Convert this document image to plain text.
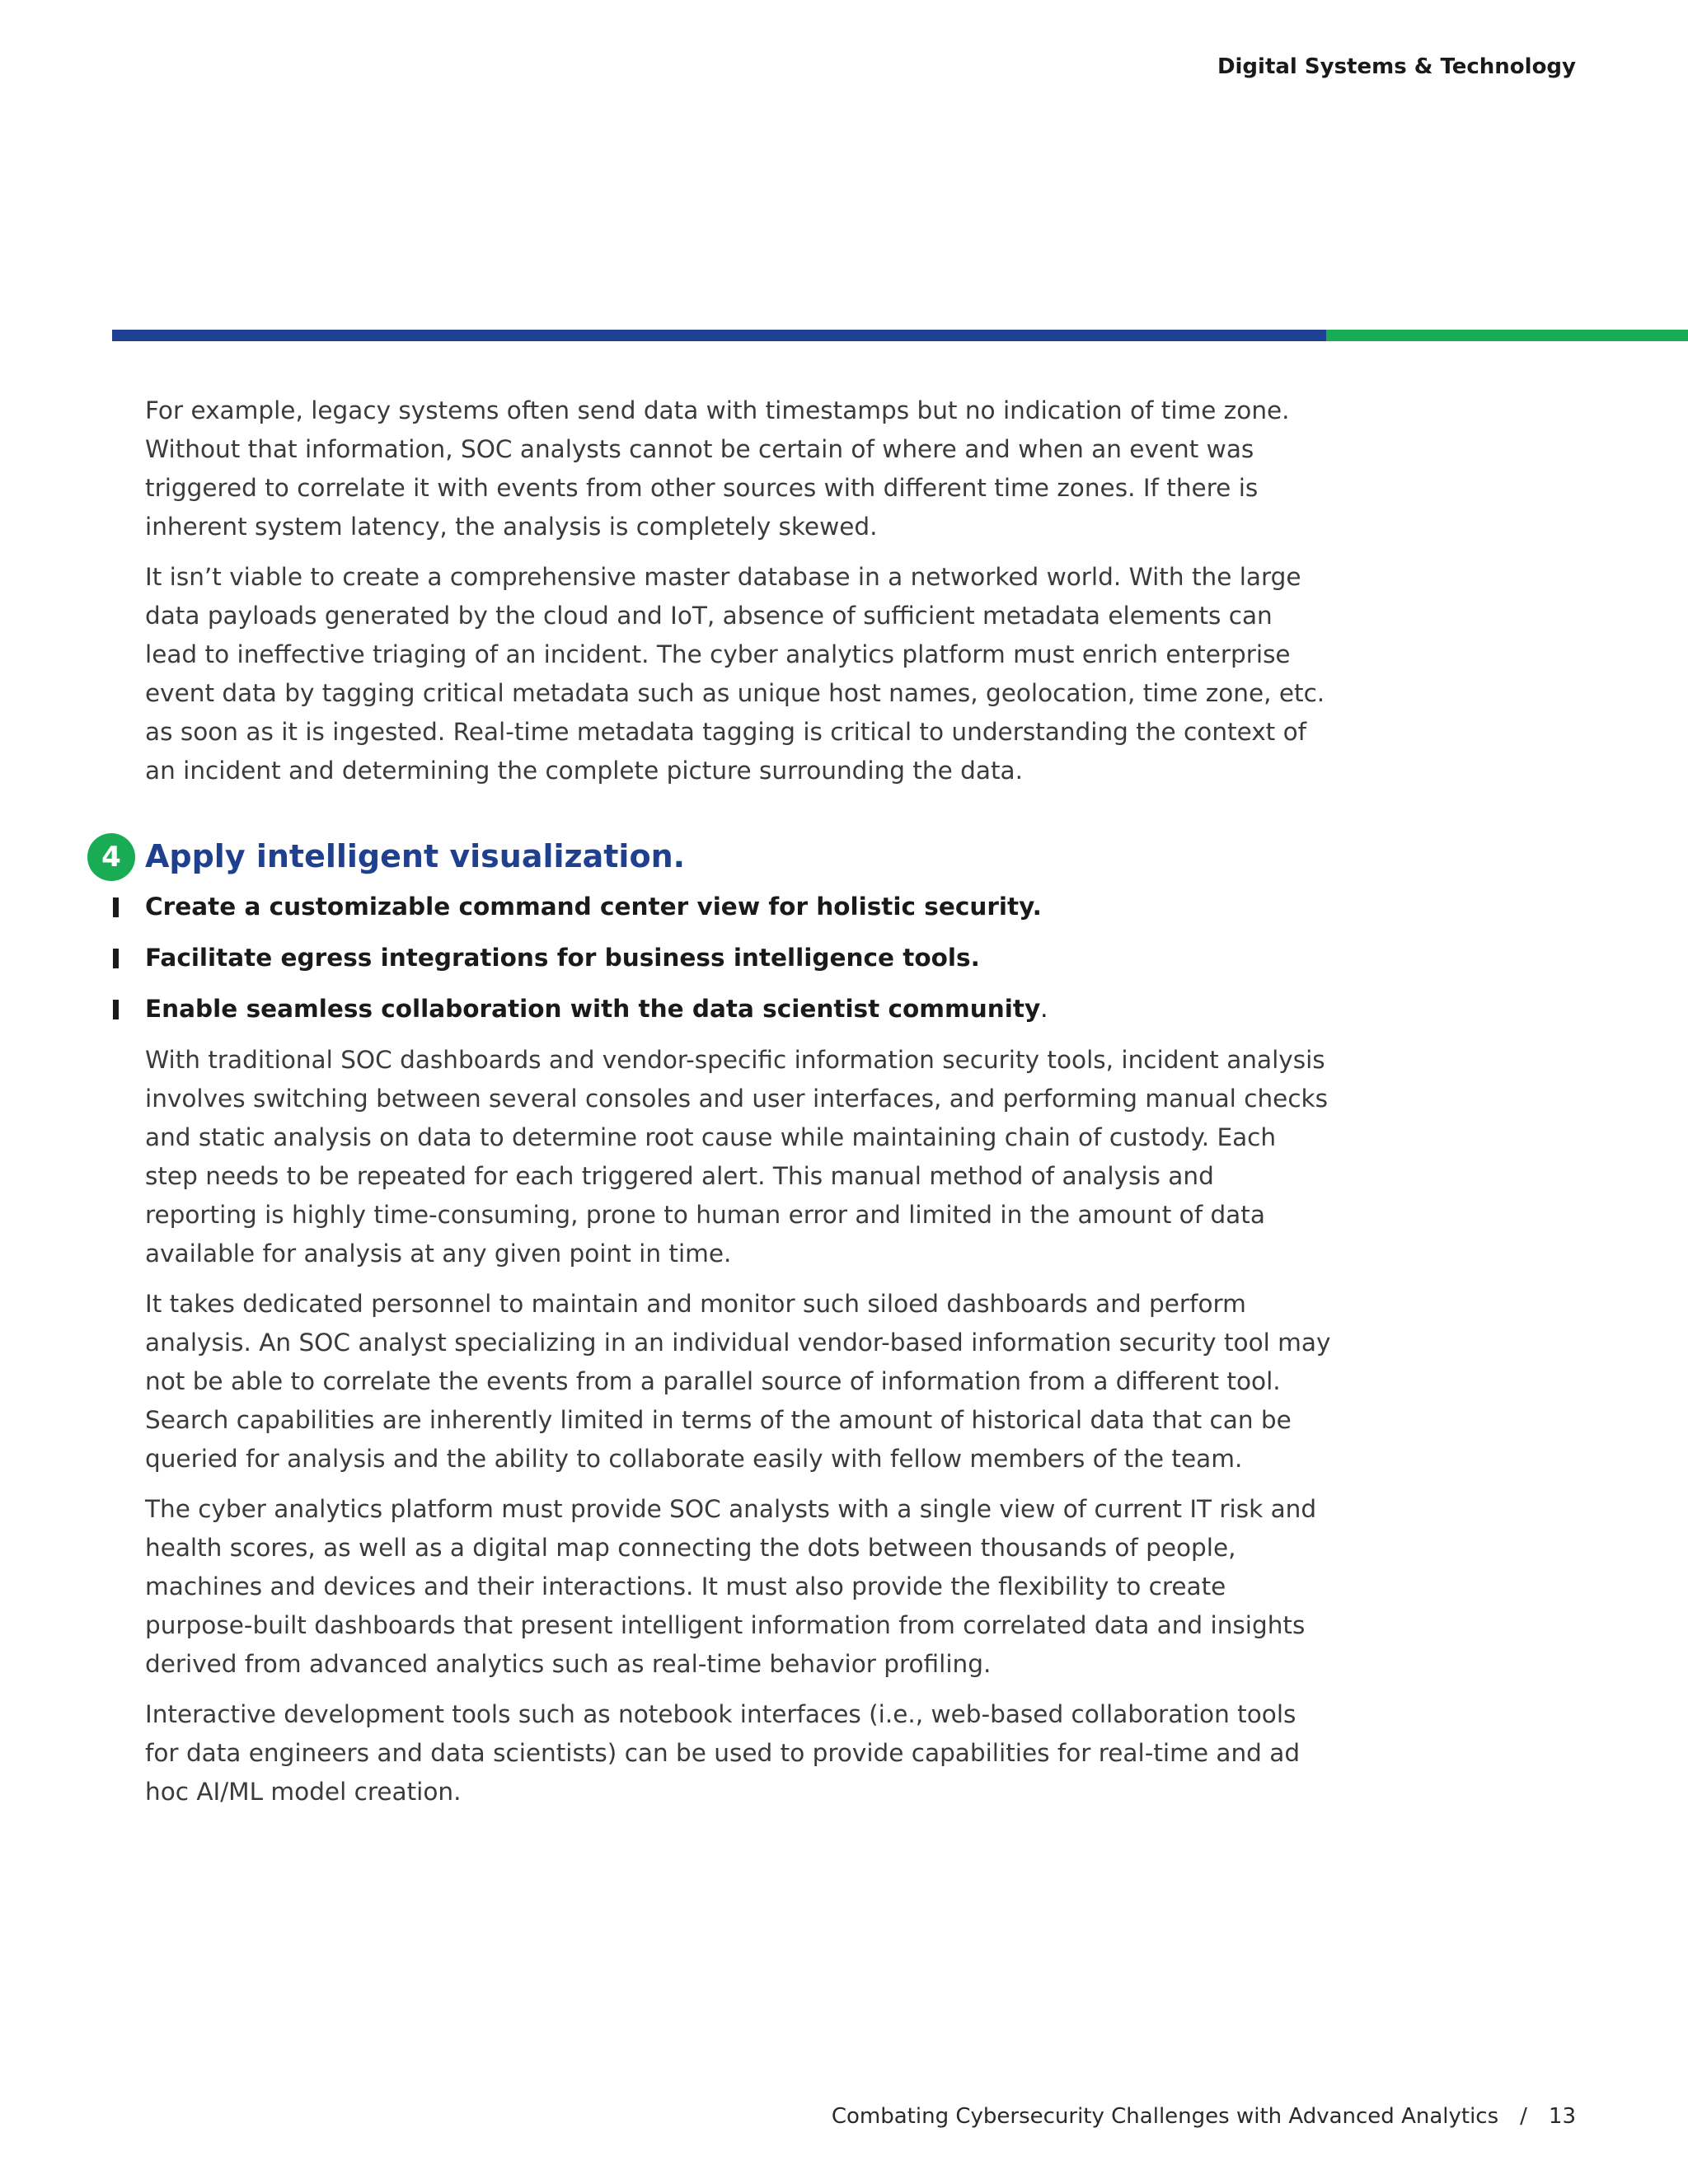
Digital Systems & Technology

For example, legacy systems often send data with timestamps but no indication of time zone. Without that information, SOC analysts cannot be certain of where and when an event was triggered to correlate it with events from other sources with different time zones. If there is inherent system latency, the analysis is completely skewed.

It isn’t viable to create a comprehensive master database in a networked world. With the large data payloads generated by the cloud and IoT, absence of sufficient metadata elements can lead to ineffective triaging of an incident. The cyber analytics platform must enrich enterprise event data by tagging critical metadata such as unique host names, geolocation, time zone, etc. as soon as it is ingested. Real-time metadata tagging is critical to understanding the context of an incident and determining the complete picture surrounding the data.

4 Apply intelligent visualization.
Create a customizable command center view for holistic security.
Facilitate egress integrations for business intelligence tools.
Enable seamless collaboration with the data scientist community.

With traditional SOC dashboards and vendor-specific information security tools, incident analysis involves switching between several consoles and user interfaces, and performing manual checks and static analysis on data to determine root cause while maintaining chain of custody. Each step needs to be repeated for each triggered alert. This manual method of analysis and reporting is highly time-consuming, prone to human error and limited in the amount of data available for analysis at any given point in time.

It takes dedicated personnel to maintain and monitor such siloed dashboards and perform analysis. An SOC analyst specializing in an individual vendor-based information security tool may not be able to correlate the events from a parallel source of information from a different tool. Search capabilities are inherently limited in terms of the amount of historical data that can be queried for analysis and the ability to collaborate easily with fellow members of the team.

The cyber analytics platform must provide SOC analysts with a single view of current IT risk and health scores, as well as a digital map connecting the dots between thousands of people, machines and devices and their interactions. It must also provide the flexibility to create purpose-built dashboards that present intelligent information from correlated data and insights derived from advanced analytics such as real-time behavior profiling.

Interactive development tools such as notebook interfaces (i.e., web-based collaboration tools for data engineers and data scientists) can be used to provide capabilities for real-time and ad hoc AI/ML model creation.

Combating Cybersecurity Challenges with Advanced Analytics / 13
